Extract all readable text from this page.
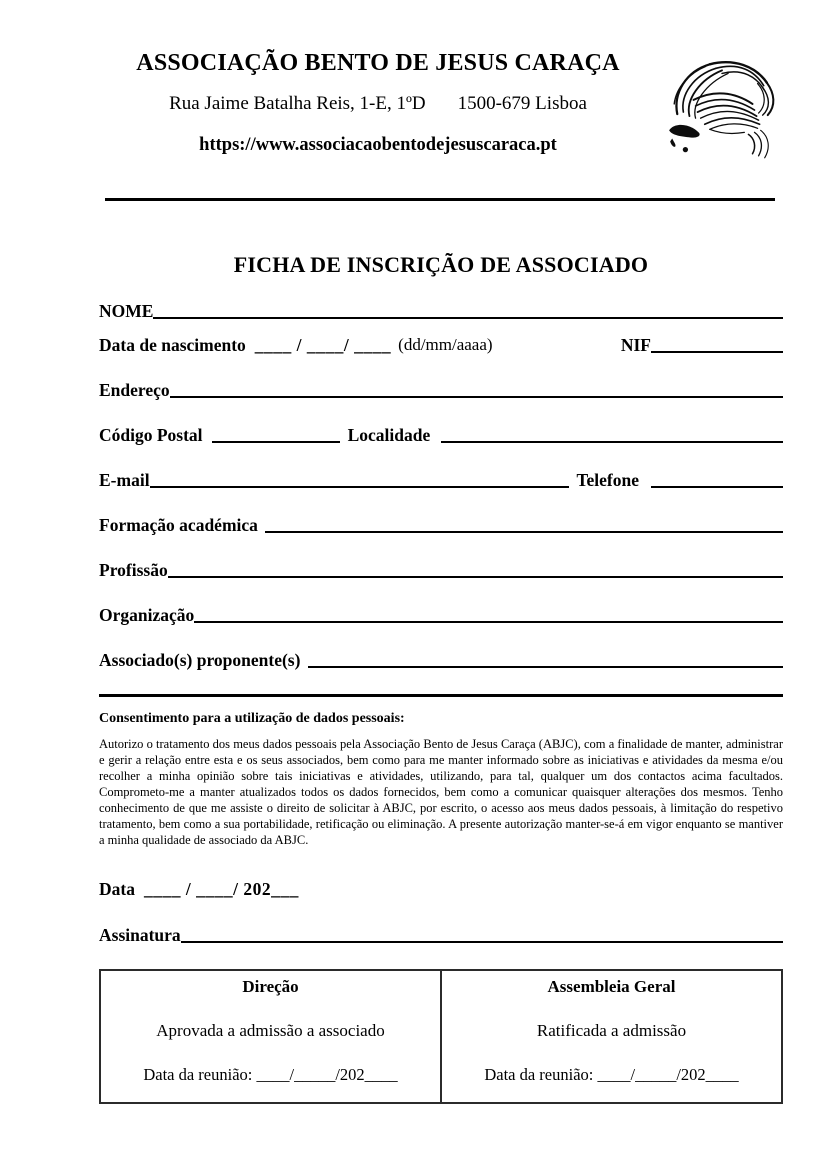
ASSOCIAÇÃO BENTO DE JESUS CARAÇA
Rua Jaime Batalha Reis, 1-E, 1ºD 1500-679 Lisboa
https://www.associacaobentodejesuscaraca.pt
FICHA DE INSCRIÇÃO DE ASSOCIADO
NOME
Data de nascimento ____ / ____/ ____ (dd/mm/aaaa)	NIF
Endereço
Código Postal	Localidade
E-mail	Telefone
Formação académica
Profissão
Organização
Associado(s) proponente(s)
Consentimento para a utilização de dados pessoais:
Autorizo o tratamento dos meus dados pessoais pela Associação Bento de Jesus Caraça (ABJC), com a finalidade de manter, administrar e gerir a relação entre esta e os seus associados, bem como para me manter informado sobre as iniciativas e atividades da mesma e/ou recolher a minha opinião sobre tais iniciativas e atividades, utilizando, para tal, qualquer um dos contactos acima facultados. Comprometo-me a manter atualizados todos os dados fornecidos, bem como a comunicar quaisquer alterações dos mesmos. Tenho conhecimento de que me assiste o direito de solicitar à ABJC, por escrito, o acesso aos meus dados pessoais, à limitação do respetivo tratamento, bem como a sua portabilidade, retificação ou eliminação. A presente autorização manter-se-á em vigor enquanto se mantiver a minha qualidade de associado da ABJC.
Data ____ / ____/ 202___
Assinatura
Direção
Aprovada a admissão a associado
Data da reunião: ____/_____/202____
Assembleia Geral
Ratificada a admissão
Data da reunião: ____/_____/202____
